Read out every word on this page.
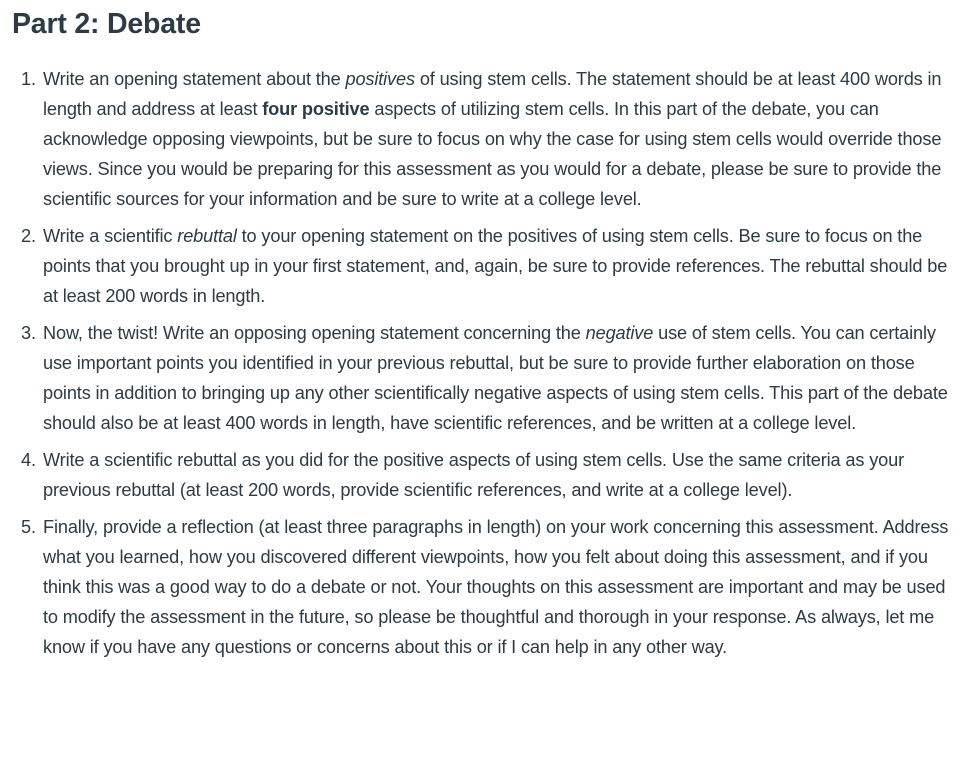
Part 2: Debate
1. Write an opening statement about the positives of using stem cells. The statement should be at least 400 words in length and address at least four positive aspects of utilizing stem cells. In this part of the debate, you can acknowledge opposing viewpoints, but be sure to focus on why the case for using stem cells would override those views. Since you would be preparing for this assessment as you would for a debate, please be sure to provide the scientific sources for your information and be sure to write at a college level.
2. Write a scientific rebuttal to your opening statement on the positives of using stem cells. Be sure to focus on the points that you brought up in your first statement, and, again, be sure to provide references. The rebuttal should be at least 200 words in length.
3. Now, the twist! Write an opposing opening statement concerning the negative use of stem cells. You can certainly use important points you identified in your previous rebuttal, but be sure to provide further elaboration on those points in addition to bringing up any other scientifically negative aspects of using stem cells. This part of the debate should also be at least 400 words in length, have scientific references, and be written at a college level.
4. Write a scientific rebuttal as you did for the positive aspects of using stem cells. Use the same criteria as your previous rebuttal (at least 200 words, provide scientific references, and write at a college level).
5. Finally, provide a reflection (at least three paragraphs in length) on your work concerning this assessment. Address what you learned, how you discovered different viewpoints, how you felt about doing this assessment, and if you think this was a good way to do a debate or not. Your thoughts on this assessment are important and may be used to modify the assessment in the future, so please be thoughtful and thorough in your response. As always, let me know if you have any questions or concerns about this or if I can help in any other way.
